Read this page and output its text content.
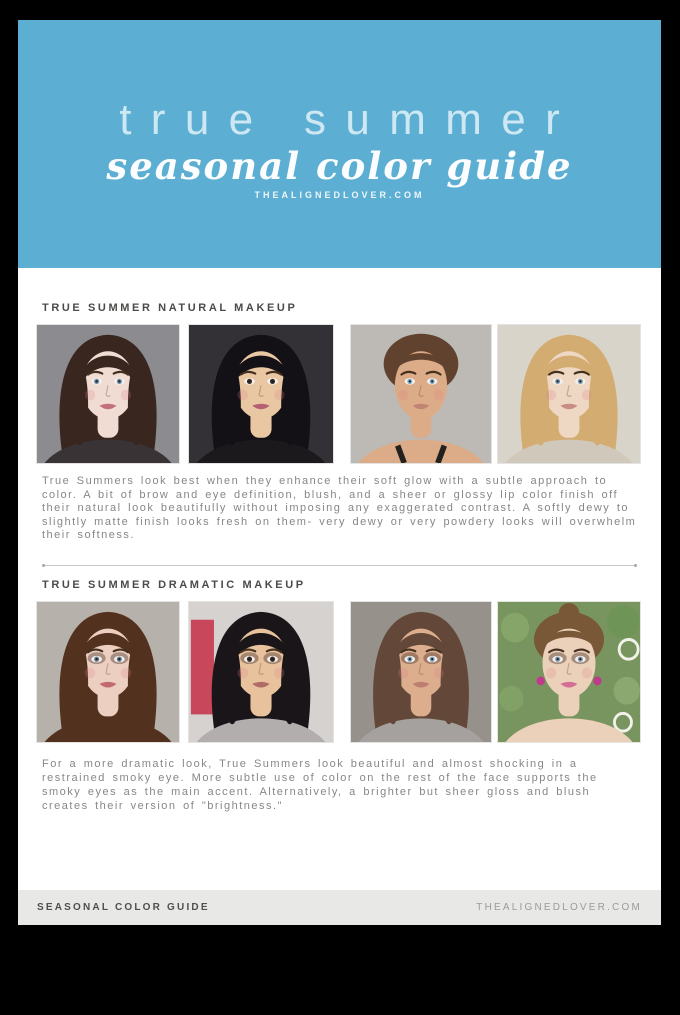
true summer
seasonal color guide
THEALIGNEDLOVER.COM
TRUE SUMMER NATURAL MAKEUP

True Summers look best when they enhance their soft glow with a subtle approach to color. A bit of brow and eye definition, blush, and a sheer or glossy lip color finish off their natural look beautifully without imposing any exaggerated contrast. A softly dewy to slightly matte finish looks fresh on them- very dewy or very powdery looks will overwhelm their softness.

TRUE SUMMER DRAMATIC MAKEUP

For a more dramatic look, True Summers look beautiful and almost shocking in a restrained smoky eye. More subtle use of color on the rest of the face supports the smoky eyes as the main accent. Alternatively, a brighter but sheer gloss and blush creates their version of "brightness."

SEASONAL COLOR GUIDE	THEALIGNEDLOVER.COM
